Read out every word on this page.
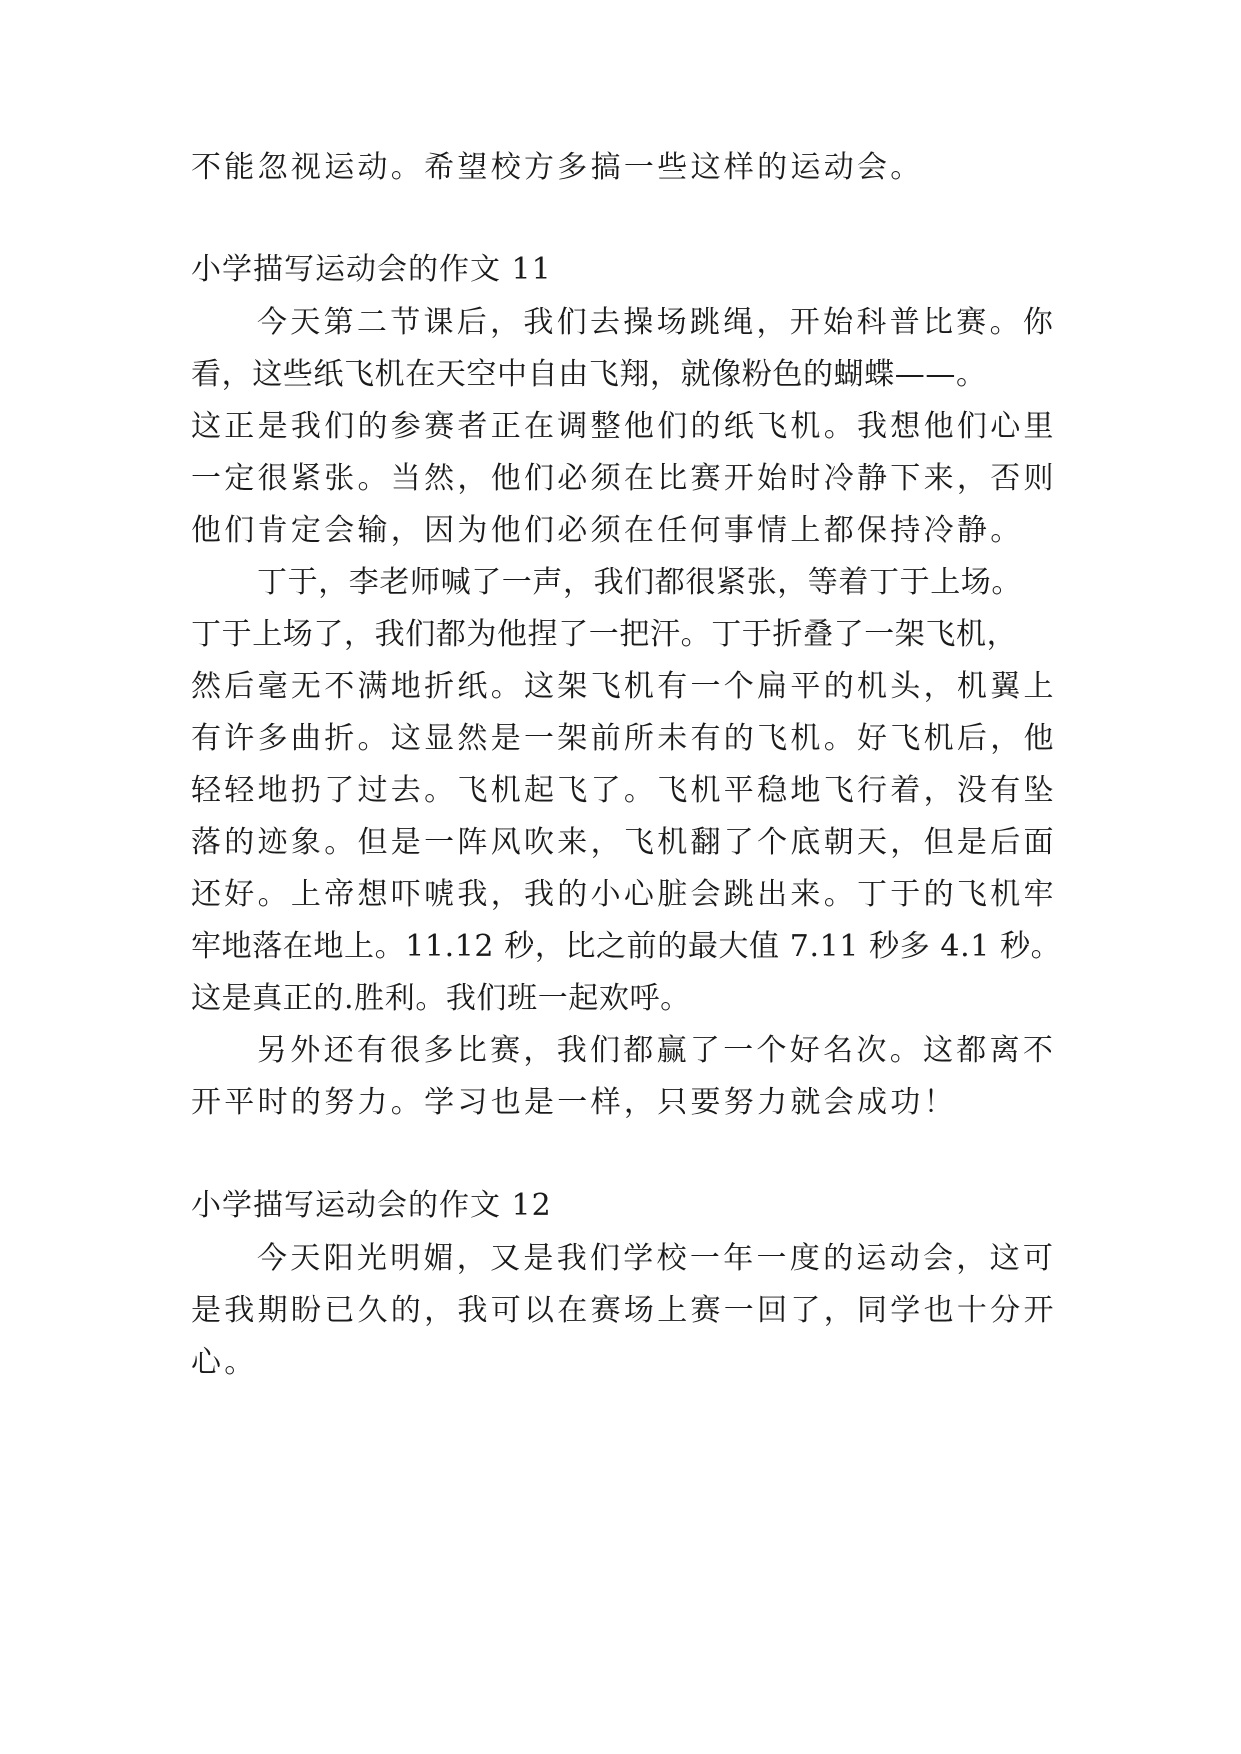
不能忽视运动。希望校方多搞一些这样的运动会。
小学描写运动会的作文 11
今天第二节课后，我们去操场跳绳，开始科普比赛。你
看，这些纸飞机在天空中自由飞翔，就像粉色的蝴蝶——。
这正是我们的参赛者正在调整他们的纸飞机。我想他们心里
一定很紧张。当然，他们必须在比赛开始时冷静下来，否则
他们肯定会输，因为他们必须在任何事情上都保持冷静。
丁于，李老师喊了一声，我们都很紧张，等着丁于上场。
丁于上场了，我们都为他捏了一把汗。丁于折叠了一架飞机，
然后毫无不满地折纸。这架飞机有一个扁平的机头，机翼上
有许多曲折。这显然是一架前所未有的飞机。好飞机后，他
轻轻地扔了过去。飞机起飞了。飞机平稳地飞行着，没有坠
落的迹象。但是一阵风吹来，飞机翻了个底朝天，但是后面
还好。上帝想吓唬我，我的小心脏会跳出来。丁于的飞机牢
牢地落在地上。11.12 秒，比之前的最大值 7.11 秒多 4.1 秒。
这是真正的.胜利。我们班一起欢呼。
另外还有很多比赛，我们都赢了一个好名次。这都离不
开平时的努力。学习也是一样，只要努力就会成功！
小学描写运动会的作文 12
今天阳光明媚，又是我们学校一年一度的运动会，这可
是我期盼已久的，我可以在赛场上赛一回了，同学也十分开
心。
